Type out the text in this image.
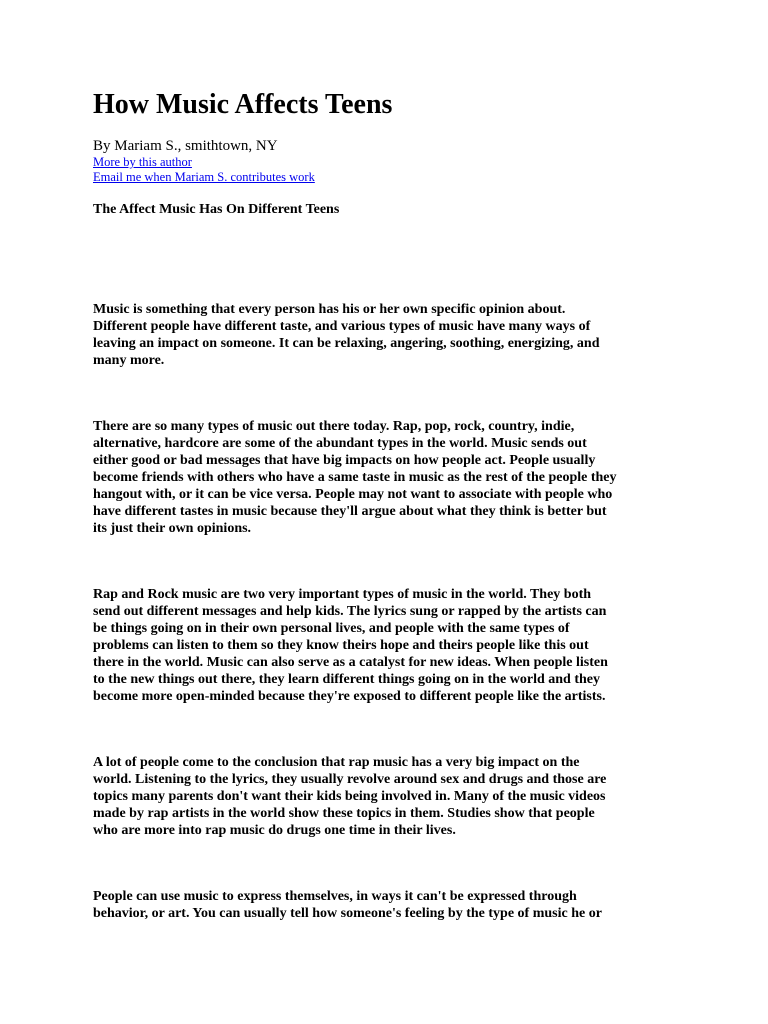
How Music Affects Teens
By Mariam S., smithtown, NY
More by this author
Email me when Mariam S. contributes work
The Affect Music Has On Different Teens

Music is something that every person has his or her own specific opinion about.
Different people have different taste, and various types of music have many ways of
leaving an impact on someone. It can be relaxing, angering, soothing, energizing, and
many more.

There are so many types of music out there today. Rap, pop, rock, country, indie,
alternative, hardcore are some of the abundant types in the world. Music sends out
either good or bad messages that have big impacts on how people act. People usually
become friends with others who have a same taste in music as the rest of the people they
hangout with, or it can be vice versa. People may not want to associate with people who
have different tastes in music because they'll argue about what they think is better but
its just their own opinions.

Rap and Rock music are two very important types of music in the world. They both
send out different messages and help kids. The lyrics sung or rapped by the artists can
be things going on in their own personal lives, and people with the same types of
problems can listen to them so they know theirs hope and theirs people like this out
there in the world. Music can also serve as a catalyst for new ideas. When people listen
to the new things out there, they learn different things going on in the world and they
become more open-minded because they're exposed to different people like the artists.

A lot of people come to the conclusion that rap music has a very big impact on the
world. Listening to the lyrics, they usually revolve around sex and drugs and those are
topics many parents don't want their kids being involved in. Many of the music videos
made by rap artists in the world show these topics in them. Studies show that people
who are more into rap music do drugs one time in their lives.

People can use music to express themselves, in ways it can't be expressed through
behavior, or art. You can usually tell how someone's feeling by the type of music he or
